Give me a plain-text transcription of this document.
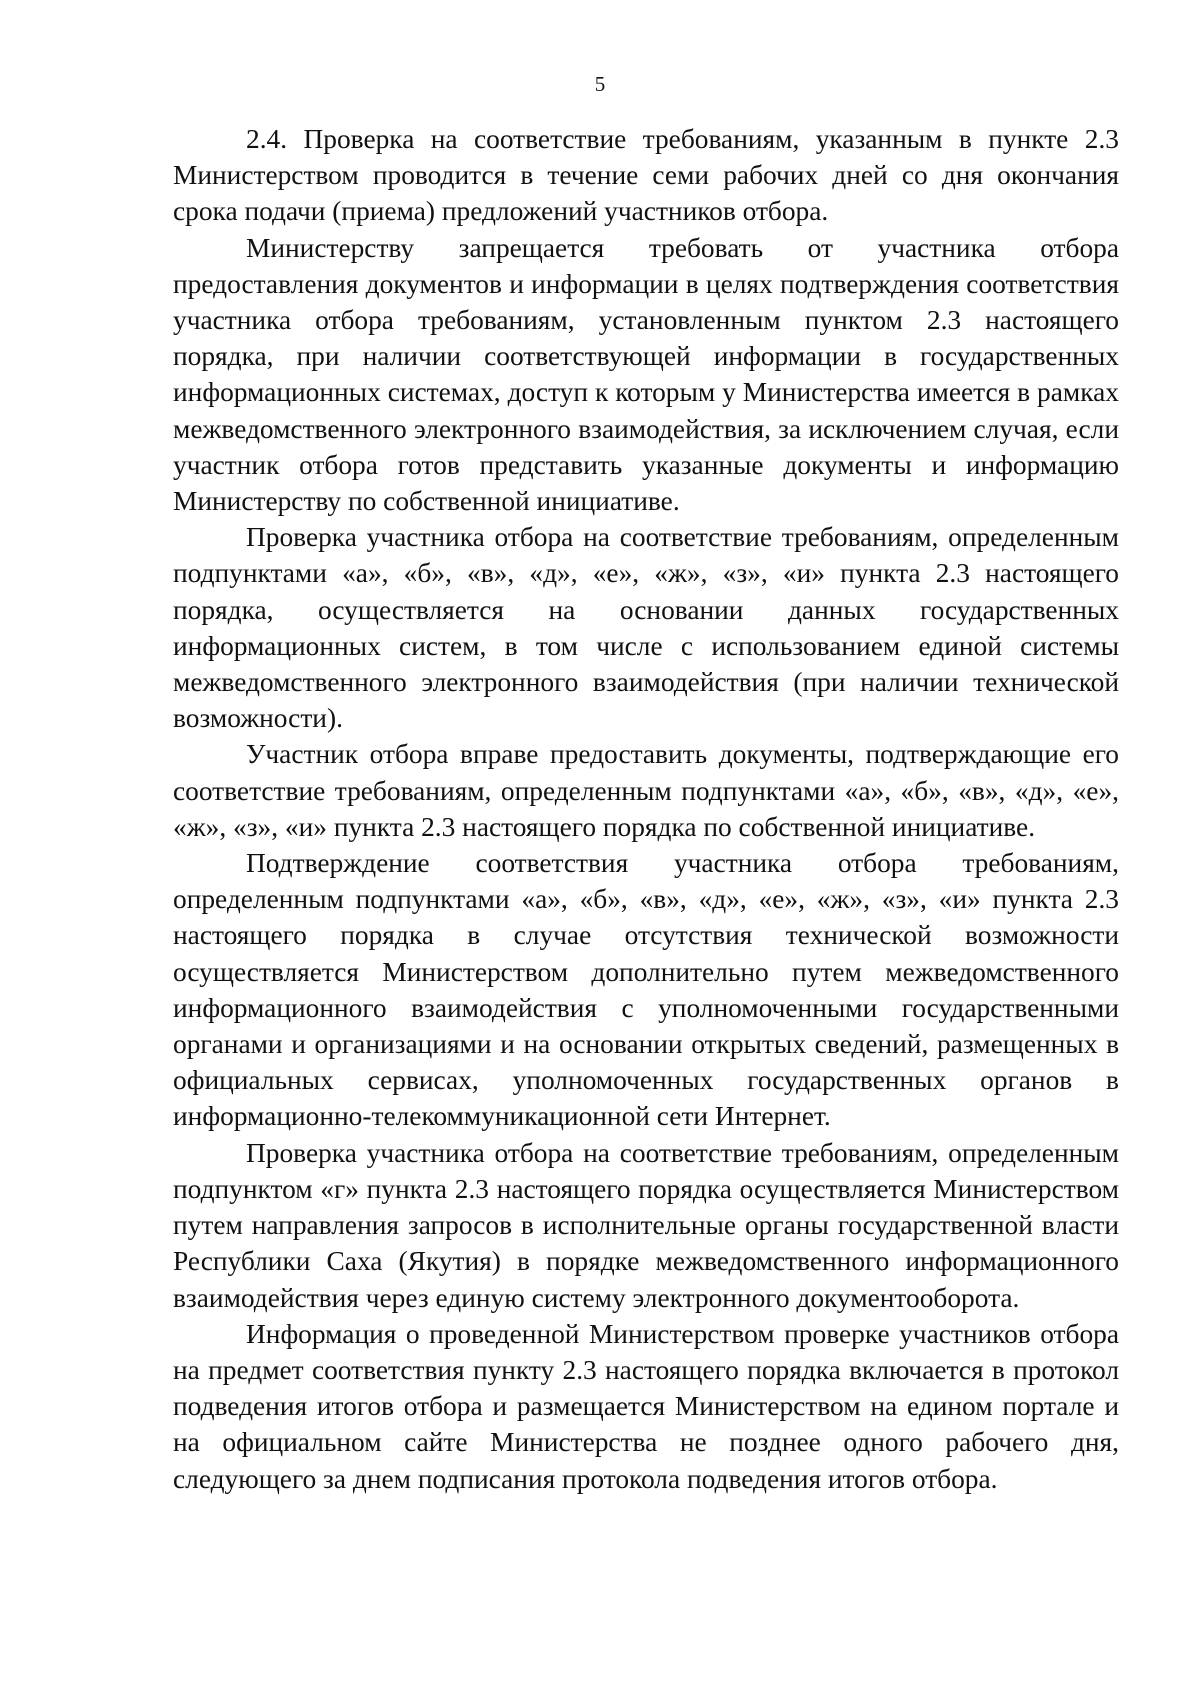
5

2.4. Проверка на соответствие требованиям, указанным в пункте 2.3 Министерством проводится в течение семи рабочих дней со дня окончания срока подачи (приема) предложений участников отбора.

Министерству запрещается требовать от участника отбора предоставления документов и информации в целях подтверждения соответствия участника отбора требованиям, установленным пунктом 2.3 настоящего порядка, при наличии соответствующей информации в государственных информационных системах, доступ к которым у Министерства имеется в рамках межведомственного электронного взаимодействия, за исключением случая, если участник отбора готов представить указанные документы и информацию Министерству по собственной инициативе.

Проверка участника отбора на соответствие требованиям, определенным подпунктами «а», «б», «в», «д», «е», «ж», «з», «и» пункта 2.3 настоящего порядка, осуществляется на основании данных государственных информационных систем, в том числе с использованием единой системы межведомственного электронного взаимодействия (при наличии технической возможности).

Участник отбора вправе предоставить документы, подтверждающие его соответствие требованиям, определенным подпунктами «а», «б», «в», «д», «е», «ж», «з», «и» пункта 2.3 настоящего порядка по собственной инициативе.

Подтверждение соответствия участника отбора требованиям, определенным подпунктами «а», «б», «в», «д», «е», «ж», «з», «и» пункта 2.3 настоящего порядка в случае отсутствия технической возможности осуществляется Министерством дополнительно путем межведомственного информационного взаимодействия с уполномоченными государственными органами и организациями и на основании открытых сведений, размещенных в официальных сервисах, уполномоченных государственных органов в информационно-телекоммуникационной сети Интернет.

Проверка участника отбора на соответствие требованиям, определенным подпунктом «г» пункта 2.3 настоящего порядка осуществляется Министерством путем направления запросов в исполнительные органы государственной власти Республики Саха (Якутия) в порядке межведомственного информационного взаимодействия через единую систему электронного документооборота.

Информация о проведенной Министерством проверке участников отбора на предмет соответствия пункту 2.3 настоящего порядка включается в протокол подведения итогов отбора и размещается Министерством на едином портале и на официальном сайте Министерства не позднее одного рабочего дня, следующего за днем подписания протокола подведения итогов отбора.
